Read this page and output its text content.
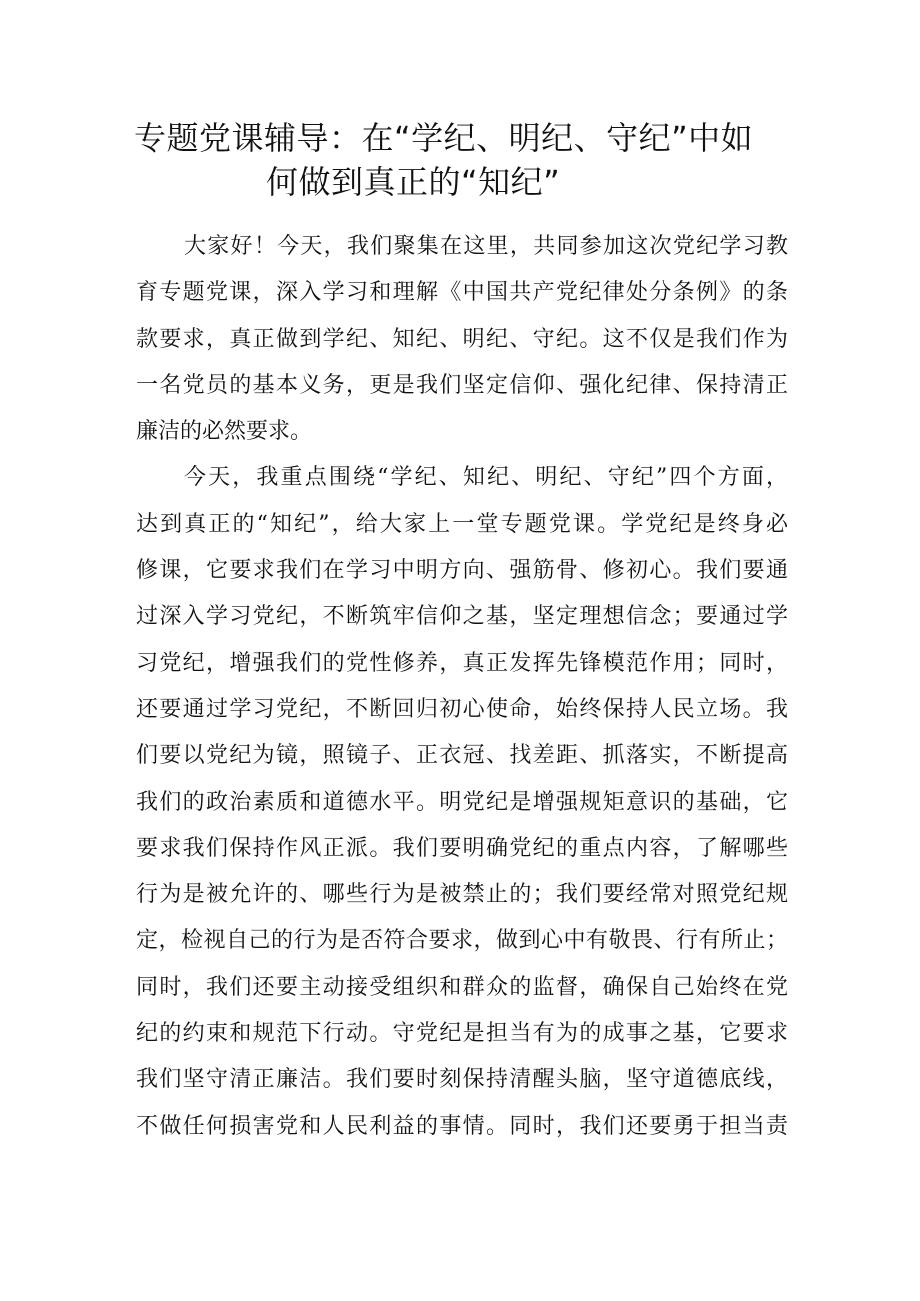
专题党课辅导：在“学纪、明纪、守纪”中如
何做到真正的“知纪”
大家好！今天，我们聚集在这里，共同参加这次党纪学习教
育专题党课，深入学习和理解《中国共产党纪律处分条例》的条
款要求，真正做到学纪、知纪、明纪、守纪。这不仅是我们作为
一名党员的基本义务，更是我们坚定信仰、强化纪律、保持清正
廉洁的必然要求。
今天，我重点围绕“学纪、知纪、明纪、守纪”四个方面，
达到真正的“知纪”，给大家上一堂专题党课。学党纪是终身必
修课，它要求我们在学习中明方向、强筋骨、修初心。我们要通
过深入学习党纪，不断筑牢信仰之基，坚定理想信念；要通过学
习党纪，增强我们的党性修养，真正发挥先锋模范作用；同时，
还要通过学习党纪，不断回归初心使命，始终保持人民立场。我
们要以党纪为镜，照镜子、正衣冠、找差距、抓落实，不断提高
我们的政治素质和道德水平。明党纪是增强规矩意识的基础，它
要求我们保持作风正派。我们要明确党纪的重点内容，了解哪些
行为是被允许的、哪些行为是被禁止的；我们要经常对照党纪规
定，检视自己的行为是否符合要求，做到心中有敬畏、行有所止；
同时，我们还要主动接受组织和群众的监督，确保自己始终在党
纪的约束和规范下行动。守党纪是担当有为的成事之基，它要求
我们坚守清正廉洁。我们要时刻保持清醒头脑，坚守道德底线，
不做任何损害党和人民利益的事情。同时，我们还要勇于担当责
